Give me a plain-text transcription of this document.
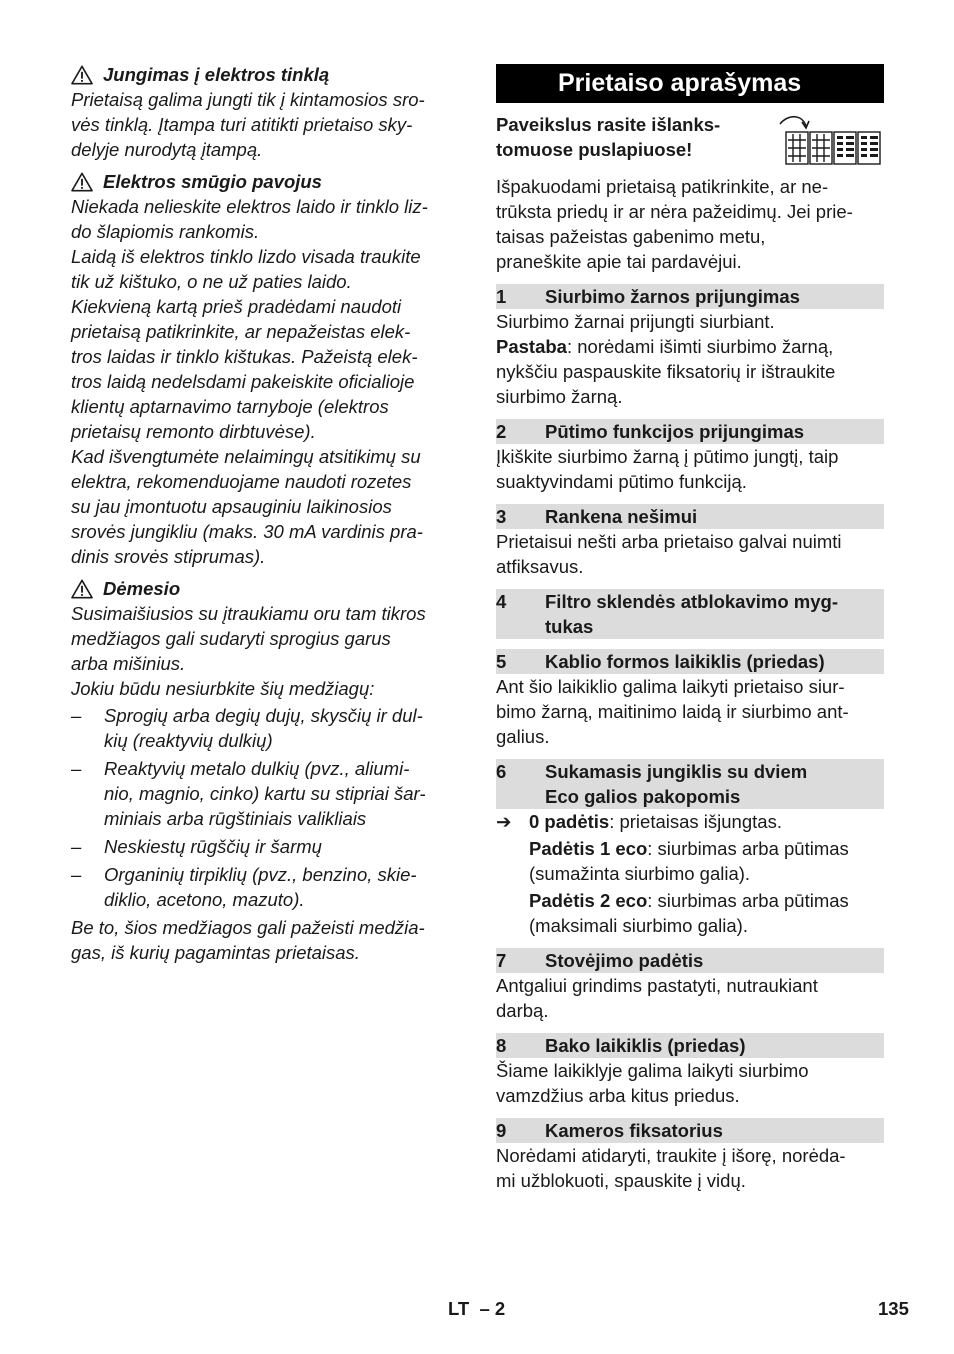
Jungimas į elektros tinklą
Prietaisą galima jungti tik į kintamosios sro-
vės tinklą. Įtampa turi atitikti prietaiso sky-
delyje nurodytą įtampą.
Elektros smūgio pavojus
Niekada nelieskite elektros laido ir tinklo liz-
do šlapiomis rankomis.
Laidą iš elektros tinklo lizdo visada traukite
tik už kištuko, o ne už paties laido.
Kiekvieną kartą prieš pradėdami naudoti
prietaisą patikrinkite, ar nepažeistas elek-
tros laidas ir tinklo kištukas. Pažeistą elek-
tros laidą nedelsdami pakeiskite oficialioje
klientų aptarnavimo tarnyboje (elektros
prietaisų remonto dirbtuvėse).
Kad išvengtumėte nelaimingų atsitikimų su
elektra, rekomenduojame naudoti rozetes
su jau įmontuotu apsauginiu laikinosios
srovės jungikliu (maks. 30 mA vardinis pra-
dinis srovės stiprumas).
Dėmesio
Susimaišiusios su įtraukiamu oru tam tikros
medžiagos gali sudaryti sprogius garus
arba mišinius.
Jokiu būdu nesiurbkite šių medžiagų:
–	Sprogių arba degių dujų, skysčių ir dul-
kių (reaktyvių dulkių)
–	Reaktyvių metalo dulkių (pvz., aliumi-
nio, magnio, cinko) kartu su stipriai šar-
miniais arba rūgštiniais valikliais
–	Neskiestų rūgščių ir šarmų
–	Organinių tirpiklių (pvz., benzino, skie-
diklio, acetono, mazuto).
Be to, šios medžiagos gali pažeisti medžia-
gas, iš kurių pagamintas prietaisas.
Prietaiso aprašymas
Paveikslus rasite išlanks-
tomuose puslapiuose!
Išpakuodami prietaisą patikrinkite, ar ne-
trūksta priedų ir ar nėra pažeidimų. Jei prie-
taisas pažeistas gabenimo metu,
praneškite apie tai pardavėjui.
1	Siurbimo žarnos prijungimas
Siurbimo žarnai prijungti siurbiant.
Pastaba: norėdami išimti siurbimo žarną,
nykščiu paspauskite fiksatorių ir ištraukite
siurbimo žarną.
2	Pūtimo funkcijos prijungimas
Įkiškite siurbimo žarną į pūtimo jungtį, taip
suaktyvindami pūtimo funkciją.
3	Rankena nešimui
Prietaisui nešti arba prietaiso galvai nuimti
atfiksavus.
4	Filtro sklendės atblokavimo myg-
tukas
5	Kablio formos laikiklis (priedas)
Ant šio laikiklio galima laikyti prietaiso siur-
bimo žarną, maitinimo laidą ir siurbimo ant-
galius.
6	Sukamasis jungiklis su dviem
Eco galios pakopomis
➔ 0 padėtis: prietaisas išjungtas.
Padėtis 1 eco: siurbimas arba pūtimas
(sumažinta siurbimo galia).
Padėtis 2 eco: siurbimas arba pūtimas
(maksimali siurbimo galia).
7	Stovėjimo padėtis
Antgaliui grindims pastatyti, nutraukiant
darbą.
8	Bako laikiklis (priedas)
Šiame laikiklyje galima laikyti siurbimo
vamzdžius arba kitus priedus.
9	Kameros fiksatorius
Norėdami atidaryti, traukite į išorę, norėda-
mi užblokuoti, spauskite į vidų.
LT  – 2	135
